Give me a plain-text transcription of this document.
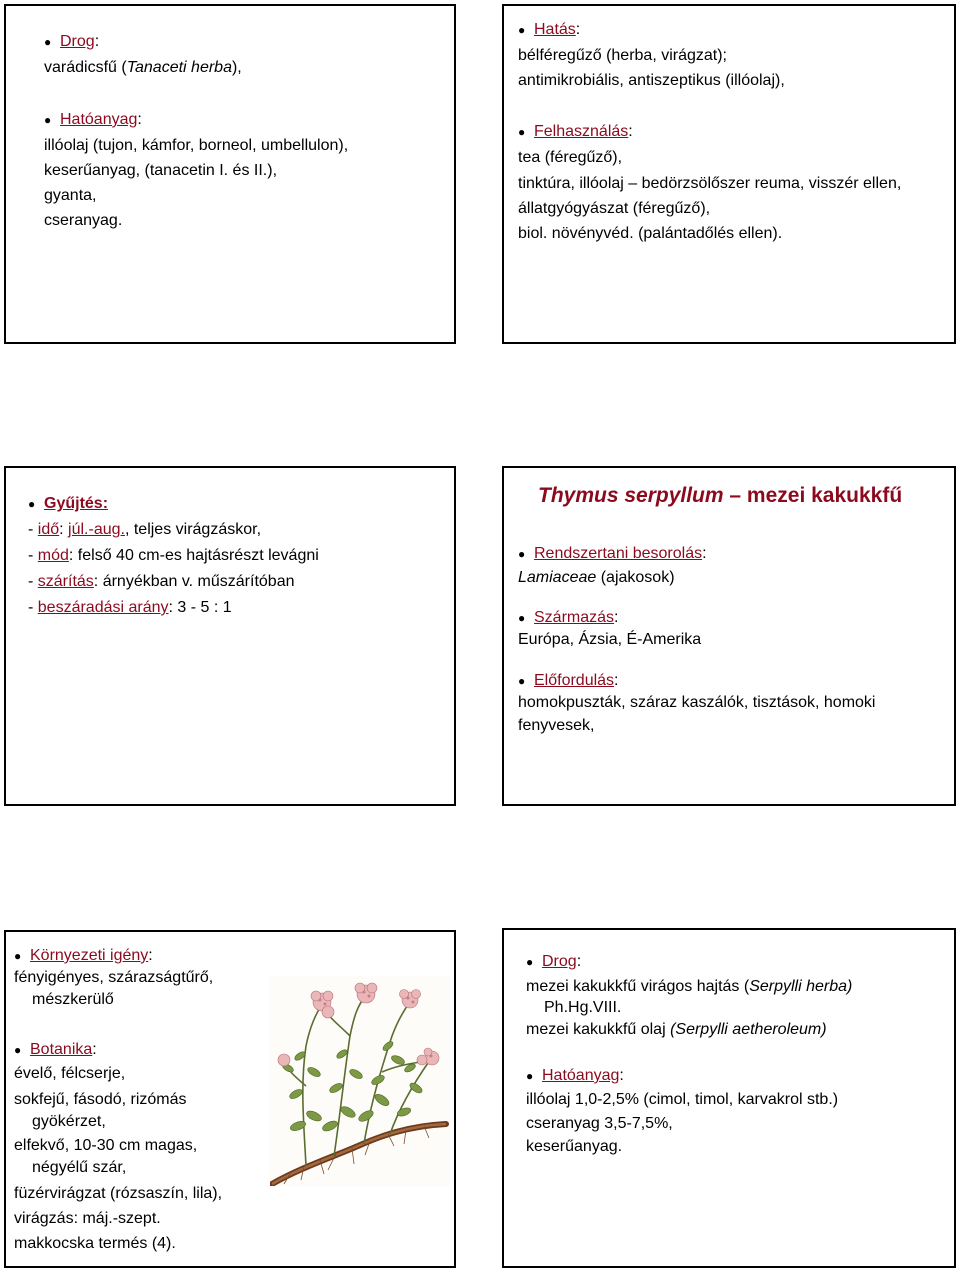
● Drog:
varádicsfű (Tanaceti herba),
● Hatóanyag:
illóolaj (tujon, kámfor, borneol, umbellulon),
keserűanyag, (tanacetin I. és II.),
gyanta,
cseranyag.
● Hatás:
bélféregűző (herba, virágzat);
antimikrobiális, antiszeptikus (illóolaj),
● Felhasználás:
tea (féregűző),
tinktúra, illóolaj – bedörzsölőszer reuma, visszér ellen,
állatgyógyászat (féregűző),
biol. növényvéd. (palántadőlés ellen).
● Gyűjtés:
- idő: júl.-aug., teljes virágzáskor,
- mód: felső 40 cm-es hajtásrészt levágni
- szárítás: árnyékban v. műszárítóban
- beszáradási arány: 3 - 5 : 1
Thymus serpyllum – mezei kakukkfű
● Rendszertani besorolás:
Lamiaceae (ajakosok)
● Származás:
Európa, Ázsia, É-Amerika
● Előfordulás:
homokpuszták, száraz kaszálók, tisztások, homoki
fenyvesek,
● Környezeti igény:
fényigényes, szárazságtűrő,
mészkerülő
● Botanika:
évelő, félcserje,
sokfejű, fásodó, rizómás
gyökérzet,
elfekvő, 10-30 cm magas,
négyélű szár,
füzérvirágzat (rózsaszín, lila),
virágzás: máj.-szept.
makkocska termés (4).
● Drog:
mezei kakukkfű virágos hajtás (Serpylli herba)
Ph.Hg.VIII.
mezei kakukkfű olaj (Serpylli aetheroleum)
● Hatóanyag:
illóolaj 1,0-2,5% (cimol, timol, karvakrol stb.)
cseranyag 3,5-7,5%,
keserűanyag.
